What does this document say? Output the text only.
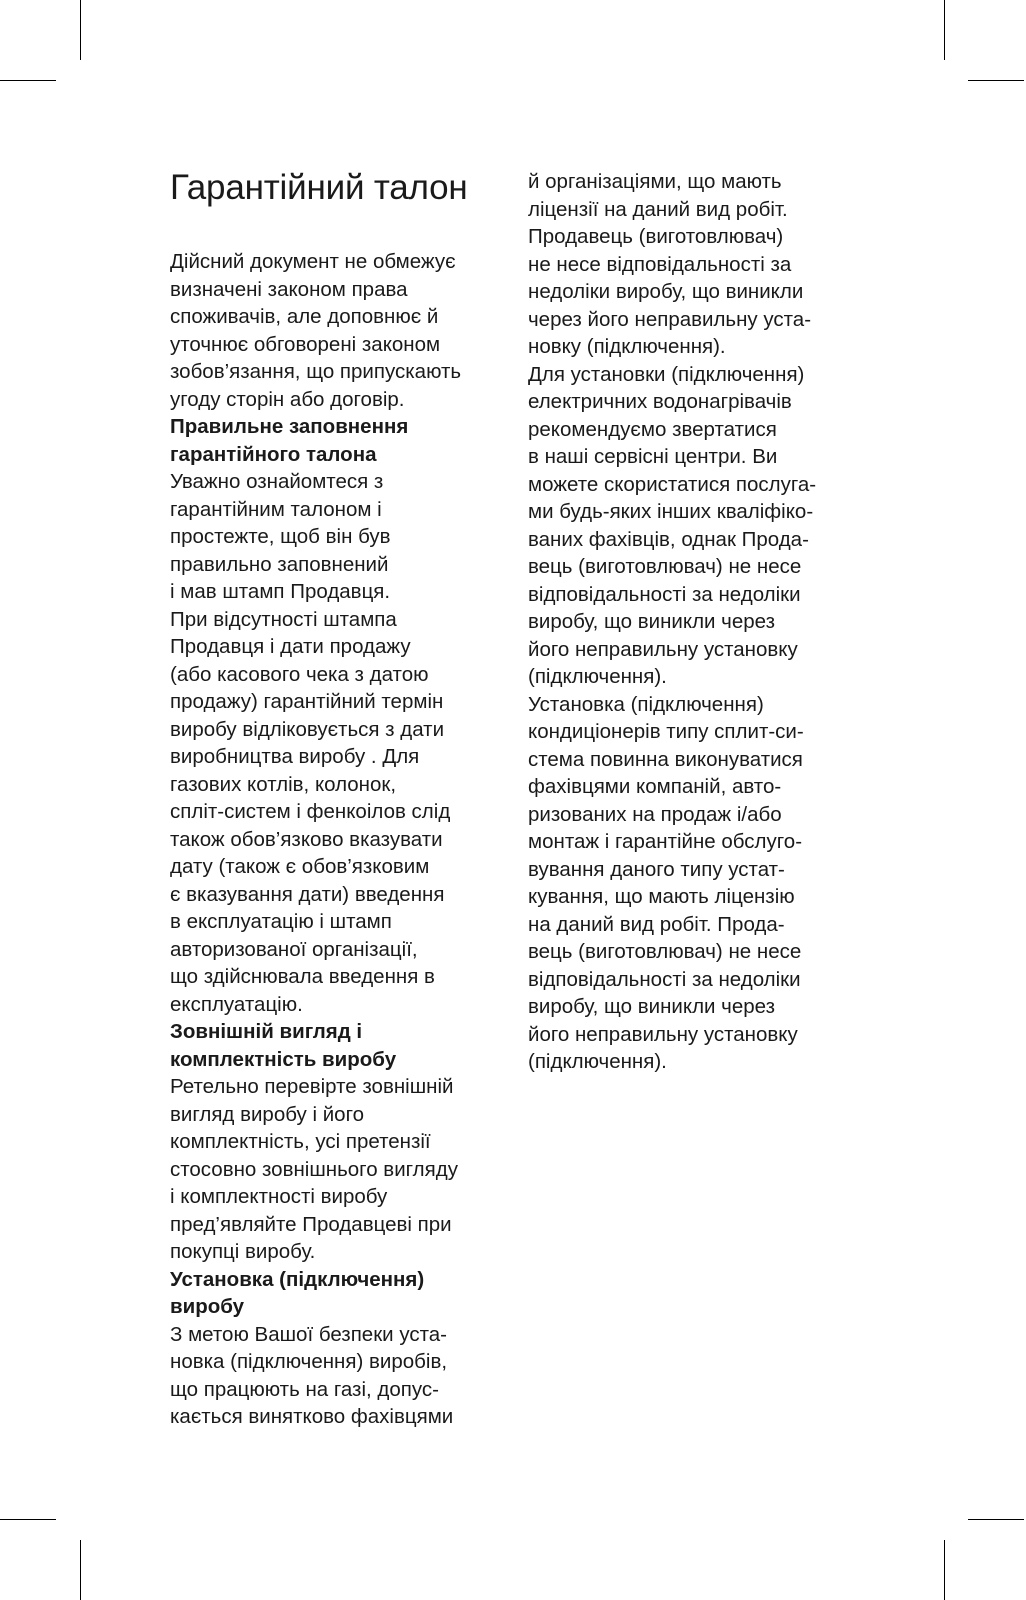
Гарантійний талон
Дійсний документ не обмежує
визначені законом права
споживачів, але доповнює й
уточнює обговорені законом
зобов’язання, що припускають
угоду сторін або договір.
Правильне заповнення
гарантійного талона
Уважно ознайомтеся з
гарантійним талоном і
простежте, щоб він був
правильно заповнений
і мав штамп Продавця.
При відсутності штампа
Продавця і дати продажу
(або касового чека з датою
продажу) гарантійний термін
виробу відліковується з дати
виробництва виробу . Для
газових котлів, колонок,
спліт-систем і фенкоілов слід
також обов’язково вказувати
дату (також є обов’язковим
є вказування дати) введення
в експлуатацію і штамп
авторизованої організації,
що здійснювала введення в
експлуатацію.
Зовнішній вигляд і
комплектність виробу
Ретельно перевірте зовнішній
вигляд виробу і його
комплектність, усі претензії
стосовно зовнішнього вигляду
і комплектності виробу
пред’являйте Продавцеві при
покупці виробу.
Установка (підключення)
виробу
З метою Вашої безпеки уста-
новка (підключення) виробів,
що працюють на газі, допус-
кається винятково фахівцями
й організаціями, що мають
ліцензії на даний вид робіт.
Продавець (виготовлювач)
не несе відповідальності за
недоліки виробу, що виникли
через його неправильну уста-
новку (підключення).
Для установки (підключення)
електричних водонагрівачів
рекомендуємо звертатися
в наші сервісні центри. Ви
можете скористатися послуга-
ми будь-яких інших кваліфіко-
ваних фахівців, однак Прода-
вець (виготовлювач) не несе
відповідальності за недоліки
виробу, що виникли через
його неправильну установку
(підключення).
Установка (підключення)
кондиціонерів типу сплит-си-
стема повинна виконуватися
фахівцями компаній, авто-
ризованих на продаж і/або
монтаж і гарантійне обслуго-
вування даного типу устат-
кування, що мають ліцензію
на даний вид робіт. Прода-
вець (виготовлювач) не несе
відповідальності за недоліки
виробу, що виникли через
його неправильну установку
(підключення).
